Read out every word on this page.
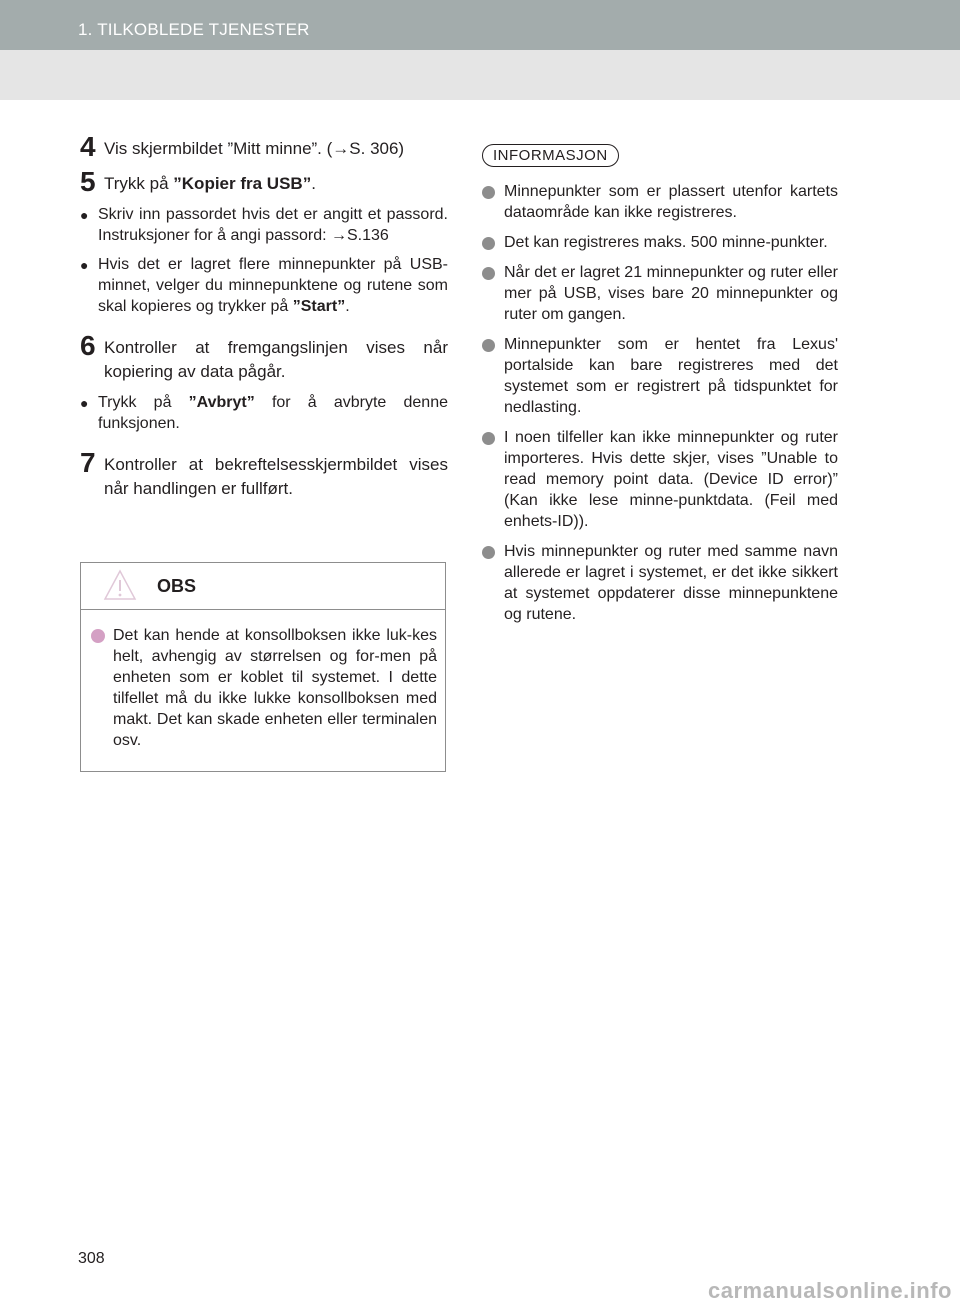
1. TILKOBLEDE TJENESTER
4 Vis skjermbildet ”Mitt minne”. (→S. 306)
5 Trykk på ”Kopier fra USB”.
● Skriv inn passordet hvis det er angitt et passord. Instruksjoner for å angi passord: →S.136
● Hvis det er lagret flere minnepunkter på USB-minnet, velger du minnepunktene og rutene som skal kopieres og trykker på ”Start”.
6 Kontroller at fremgangslinjen vises når kopiering av data pågår.
● Trykk på ”Avbryt” for å avbryte denne funksjonen.
7 Kontroller at bekreftelsesskjermbildet vises når handlingen er fullført.
OBS
Det kan hende at konsollboksen ikke luk-kes helt, avhengig av størrelsen og for-men på enheten som er koblet til systemet. I dette tilfellet må du ikke lukke konsollboksen med makt. Det kan skade enheten eller terminalen osv.
INFORMASJON
Minnepunkter som er plassert utenfor kartets dataområde kan ikke registreres.
Det kan registreres maks. 500 minne-punkter.
Når det er lagret 21 minnepunkter og ruter eller mer på USB, vises bare 20 minnepunkter og ruter om gangen.
Minnepunkter som er hentet fra Lexus' portalside kan bare registreres med det systemet som er registrert på tidspunktet for nedlasting.
I noen tilfeller kan ikke minnepunkter og ruter importeres. Hvis dette skjer, vises ”Unable to read memory point data. (Device ID error)” (Kan ikke lese minne-punktdata. (Feil med enhets-ID)).
Hvis minnepunkter og ruter med samme navn allerede er lagret i systemet, er det ikke sikkert at systemet oppdaterer disse minnepunktene og rutene.
308
carmanualsonline.info
